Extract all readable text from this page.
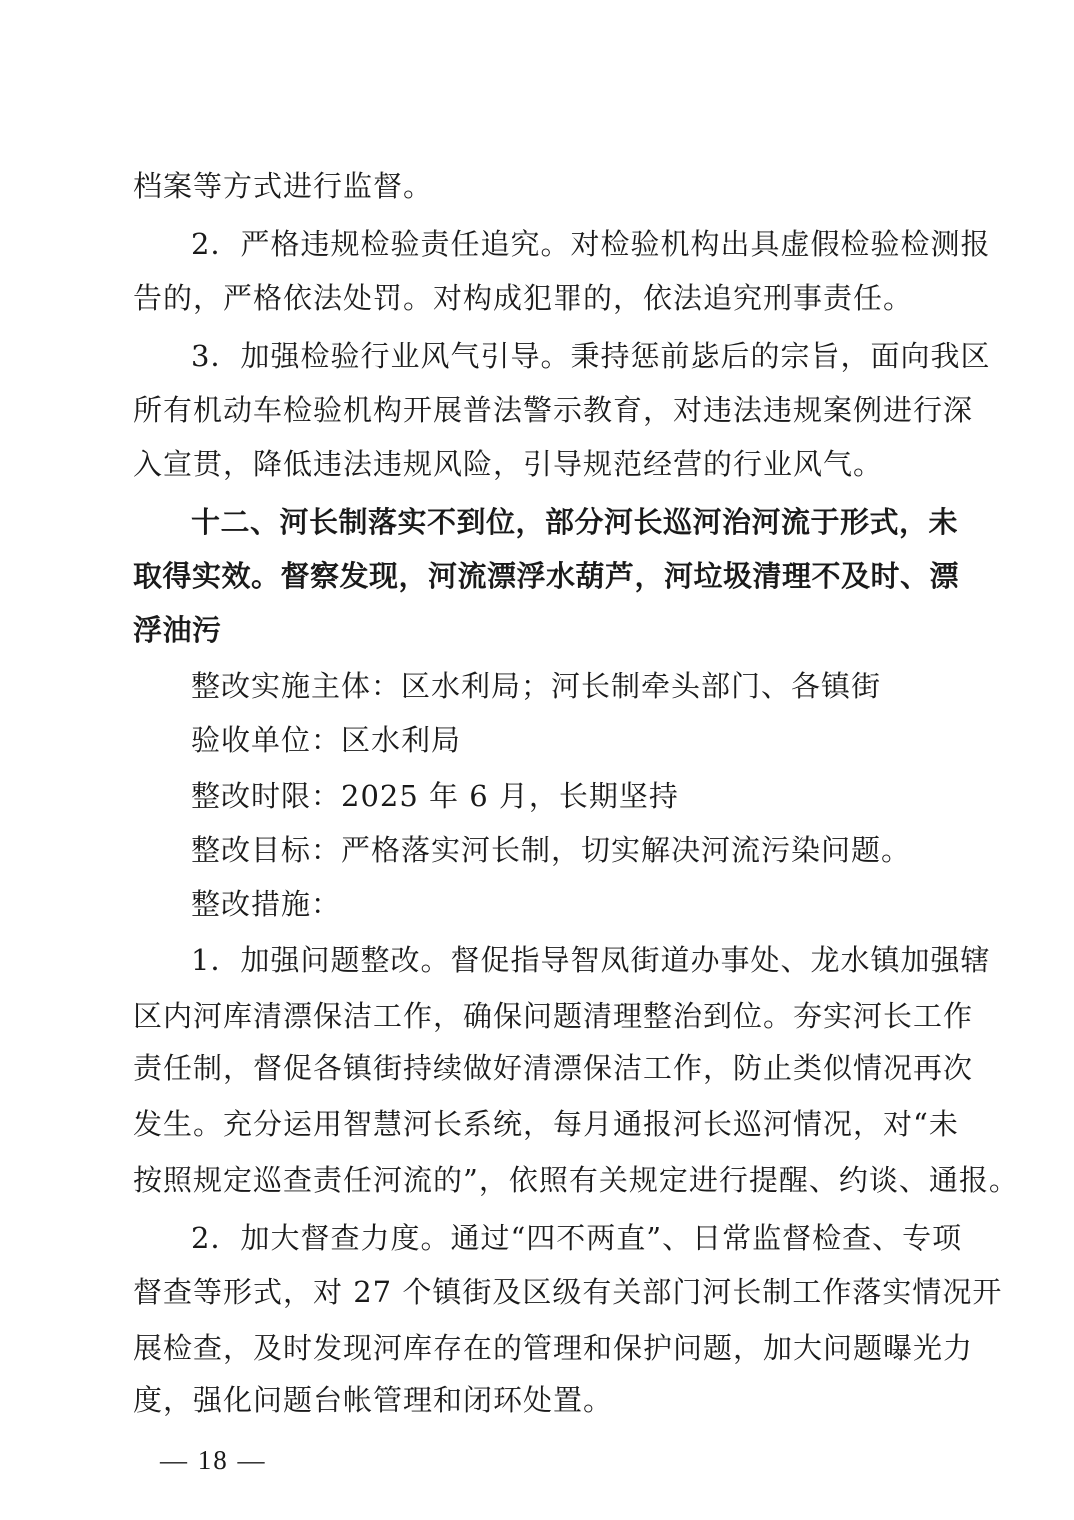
档案等方式进行监督。
2．严格违规检验责任追究。对检验机构出具虚假检验检测报
告的，严格依法处罚。对构成犯罪的，依法追究刑事责任。
3．加强检验行业风气引导。秉持惩前毖后的宗旨，面向我区
所有机动车检验机构开展普法警示教育，对违法违规案例进行深
入宣贯，降低违法违规风险，引导规范经营的行业风气。
十二、河长制落实不到位，部分河长巡河治河流于形式，未
取得实效。督察发现，河流漂浮水葫芦，河垃圾清理不及时、漂
浮油污
整改实施主体：区水利局；河长制牵头部门、各镇街
验收单位：区水利局
整改时限：2025 年 6 月，长期坚持
整改目标：严格落实河长制，切实解决河流污染问题。
整改措施：
1．加强问题整改。督促指导智凤街道办事处、龙水镇加强辖
区内河库清漂保洁工作，确保问题清理整治到位。夯实河长工作
责任制，督促各镇街持续做好清漂保洁工作，防止类似情况再次
发生。充分运用智慧河长系统，每月通报河长巡河情况，对“未
按照规定巡查责任河流的”，依照有关规定进行提醒、约谈、通报。
2．加大督查力度。通过“四不两直”、日常监督检查、专项
督查等形式，对 27 个镇街及区级有关部门河长制工作落实情况开
展检查，及时发现河库存在的管理和保护问题，加大问题曝光力
度，强化问题台帐管理和闭环处置。
— 18 —
